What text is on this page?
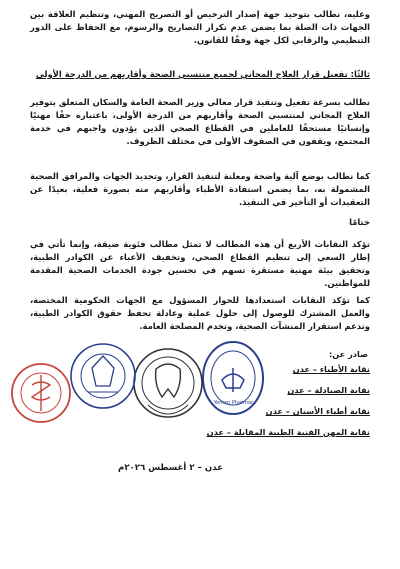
وعليه، نطالب بتوحيد جهة إصدار الترخيص أو التصريح المهني، وتنظيم العلاقة بين الجهات ذات الصلة بما يضمن عدم تكرار التصاريح والرسوم، مع الحفاظ على الدور التنظيمي والرقابي لكل جهة وفقًا للقانون.
ثالثًا: تفعيل قرار العلاج المجاني لجميع منتسبي الصحة وأقاربهم من الدرجة الأولى
نطالب بسرعة تفعيل وتنفيذ قرار معالي وزير الصحة العامة والسكان المتعلق بتوفير العلاج المجاني لمنتسبي الصحة وأقاربهم من الدرجة الأولى، باعتباره حقًا مهنيًا وإنسانيًا مستحقًا للعاملين في القطاع الصحي الذين يؤدون واجبهم في خدمة المجتمع، ويقفون في الصفوف الأولى في مختلف الظروف.
كما نطالب بوضع آلية واضحة ومعلنة لتنفيذ القرار، وتحديد الجهات والمرافق الصحية المشمولة به، بما يضمن استفادة الأطباء وأقاربهم منه بصورة فعلية، بعيدًا عن التعقيدات أو التأخير في التنفيذ.
ختامًا
تؤكد النقابات الأربع أن هذه المطالب لا تمثل مطالب فئوية ضيقة، وإنما تأتي في إطار السعي إلى تنظيم القطاع الصحي، وتخفيف الأعباء عن الكوادر الطبية، وتحقيق بيئة مهنية مستقرة تسهم في تحسين جودة الخدمات الصحية المقدمة للمواطنين.
كما تؤكد النقابات استعدادها للحوار المسؤول مع الجهات الحكومية المختصة، والعمل المشترك للوصول إلى حلول عملية وعادلة تحفظ حقوق الكوادر الطبية، وتدعم استقرار المنشآت الصحية، وتخدم المصلحة العامة.
صادر عن:
نقابة الأطباء – عدن
نقابة الصيادلة – عدن
نقابة أطباء الأسنان – عدن
نقابة المهن الفنية الطبية المقابلة – عدن
Yemen Pharmac.
عدن – ٢ أغسطس ٢٠٢٦م
